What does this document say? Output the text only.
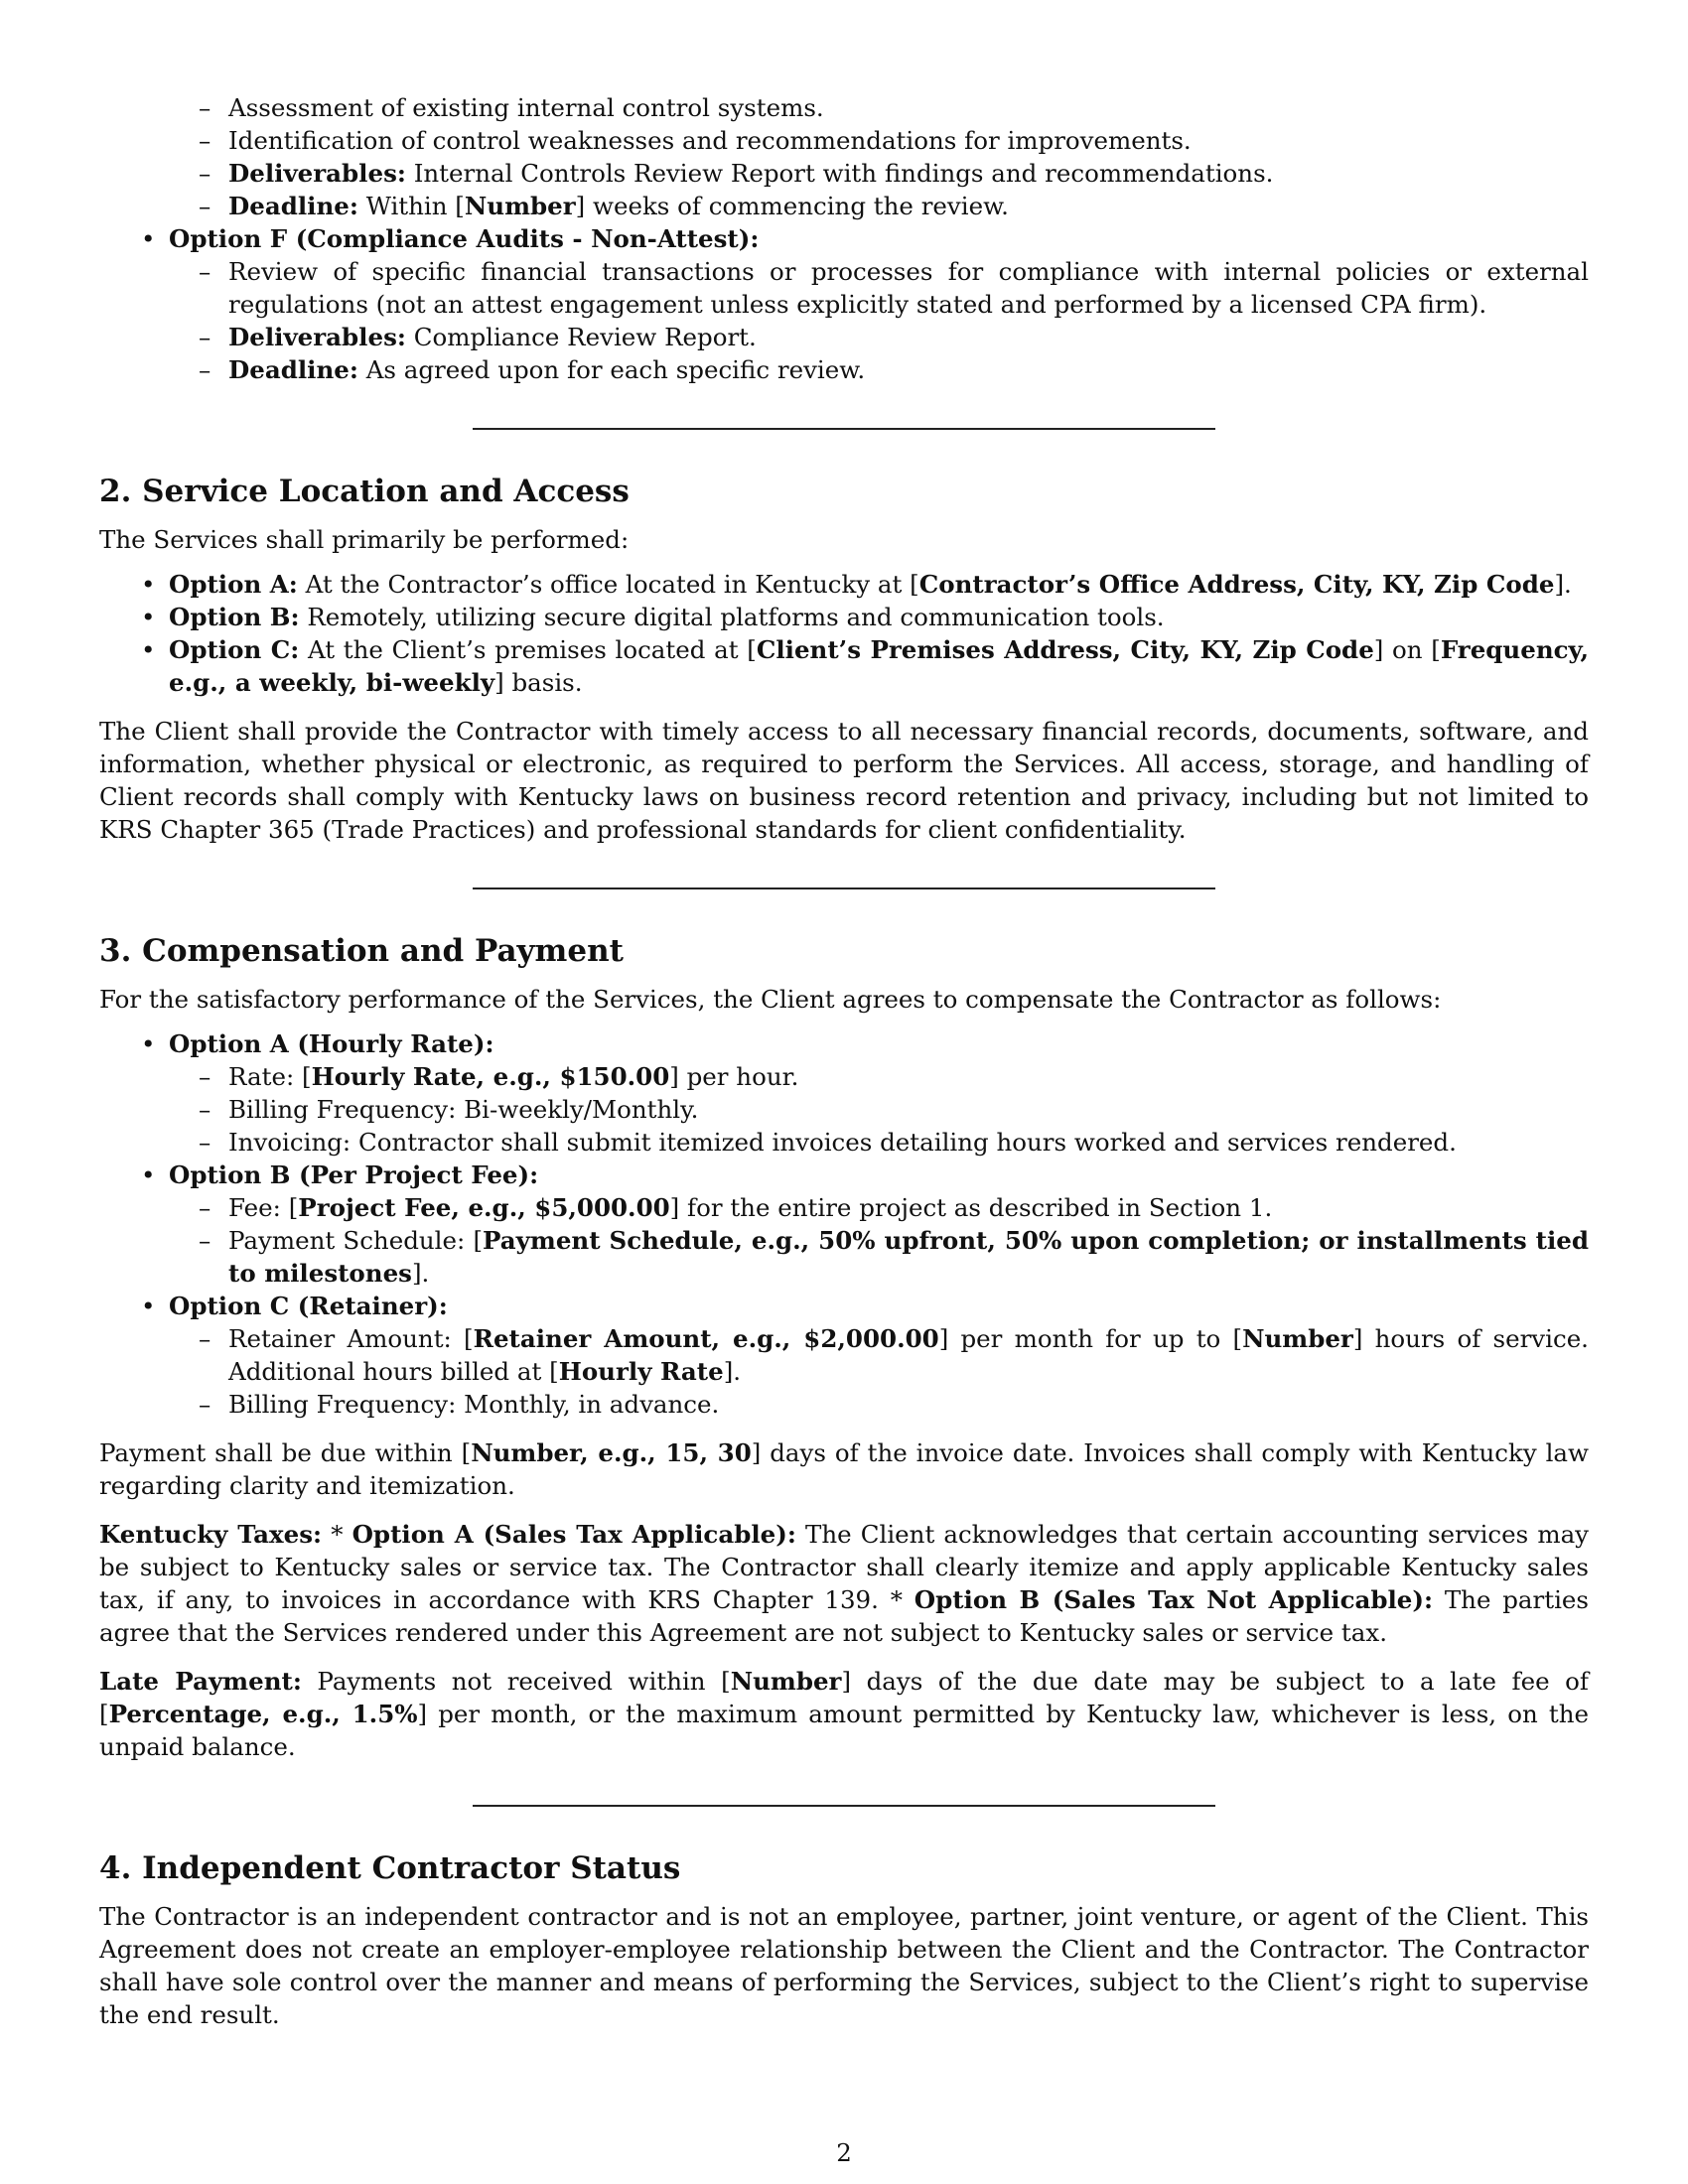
– Assessment of existing internal control systems.
– Identification of control weaknesses and recommendations for improvements.
– Deliverables: Internal Controls Review Report with findings and recommendations.
– Deadline: Within [Number] weeks of commencing the review.
• Option F (Compliance Audits - Non-Attest):
– Review of specific financial transactions or processes for compliance with internal policies or external regulations (not an attest engagement unless explicitly stated and performed by a licensed CPA firm).
– Deliverables: Compliance Review Report.
– Deadline: As agreed upon for each specific review.
2. Service Location and Access

The Services shall primarily be performed:

• Option A: At the Contractor’s office located in Kentucky at [Contractor’s Office Address, City, KY, Zip Code].
• Option B: Remotely, utilizing secure digital platforms and communication tools.
• Option C: At the Client’s premises located at [Client’s Premises Address, City, KY, Zip Code] on [Frequency, e.g., a weekly, bi-weekly] basis.

The Client shall provide the Contractor with timely access to all necessary financial records, documents, software, and information, whether physical or electronic, as required to perform the Services. All access, storage, and handling of Client records shall comply with Kentucky laws on business record retention and privacy, including but not limited to KRS Chapter 365 (Trade Practices) and professional standards for client confidentiality.

3. Compensation and Payment

For the satisfactory performance of the Services, the Client agrees to compensate the Contractor as follows:

• Option A (Hourly Rate):
– Rate: [Hourly Rate, e.g., $150.00] per hour.
– Billing Frequency: Bi-weekly/Monthly.
– Invoicing: Contractor shall submit itemized invoices detailing hours worked and services rendered.
• Option B (Per Project Fee):
– Fee: [Project Fee, e.g., $5,000.00] for the entire project as described in Section 1.
– Payment Schedule: [Payment Schedule, e.g., 50% upfront, 50% upon completion; or installments tied to milestones].
• Option C (Retainer):
– Retainer Amount: [Retainer Amount, e.g., $2,000.00] per month for up to [Number] hours of service. Additional hours billed at [Hourly Rate].
– Billing Frequency: Monthly, in advance.

Payment shall be due within [Number, e.g., 15, 30] days of the invoice date. Invoices shall comply with Kentucky law regarding clarity and itemization.

Kentucky Taxes: * Option A (Sales Tax Applicable): The Client acknowledges that certain accounting services may be subject to Kentucky sales or service tax. The Contractor shall clearly itemize and apply applicable Kentucky sales tax, if any, to invoices in accordance with KRS Chapter 139. * Option B (Sales Tax Not Applicable): The parties agree that the Services rendered under this Agreement are not subject to Kentucky sales or service tax.

Late Payment: Payments not received within [Number] days of the due date may be subject to a late fee of [Percentage, e.g., 1.5%] per month, or the maximum amount permitted by Kentucky law, whichever is less, on the unpaid balance.

4. Independent Contractor Status

The Contractor is an independent contractor and is not an employee, partner, joint venture, or agent of the Client. This Agreement does not create an employer-employee relationship between the Client and the Contractor. The Contractor shall have sole control over the manner and means of performing the Services, subject to the Client’s right to supervise the end result.

2
